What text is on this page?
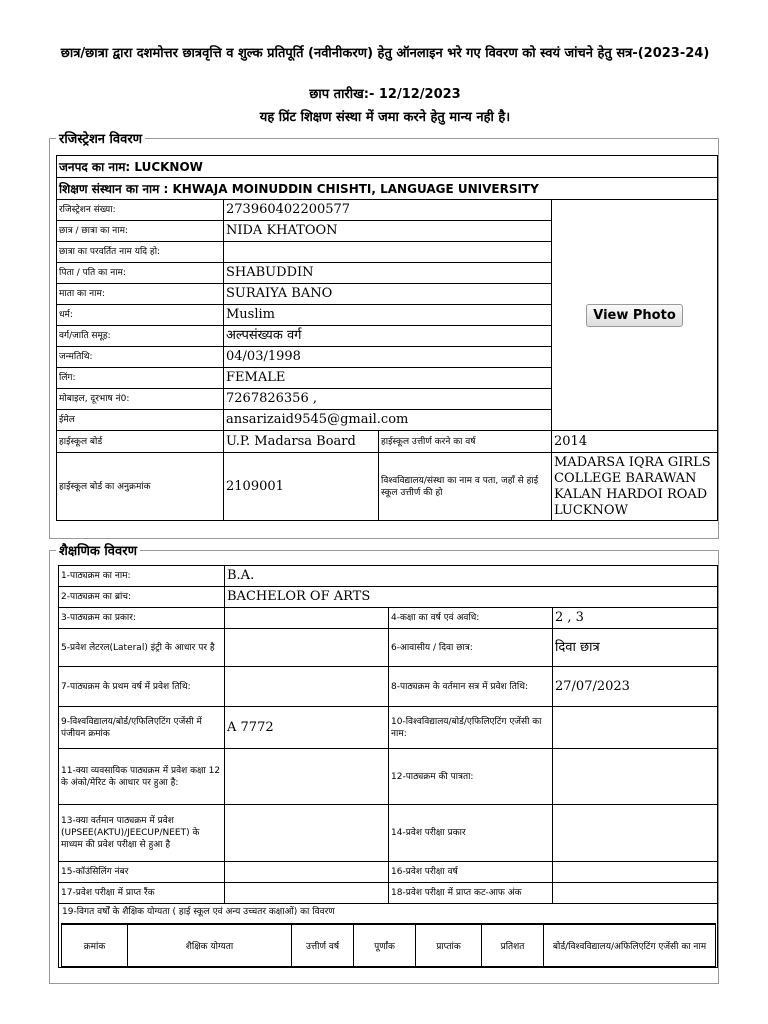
छात्र/छात्रा द्वारा दशमोत्तर छात्रवृत्ति व शुल्क प्रतिपूर्ति (नवीनीकरण) हेतु ऑनलाइन भरे गए विवरण को स्वयं जांचने हेतु सत्र-(2023-24)
छाप तारीख:- 12/12/2023
यह प्रिंट शिक्षण संस्था में जमा करने हेतु मान्य नही है।
रजिस्ट्रेशन विवरण
जनपद का नाम: LUCKNOW			
शिक्षण संस्थान का नाम : KHWAJA MOINUDDIN CHISHTI, LANGUAGE UNIVERSITY			
रजिस्ट्रेशन संख्या:	273960402200577		View Photo
छात्र / छात्रा का नाम:	NIDA KHATOON		
छात्रा का परवर्तित नाम यदि हो:			
पिता / पति का नाम:	SHABUDDIN		
माता का नाम:	SURAIYA BANO		
धर्म:	Muslim		
वर्ग/जाति समूह:	अल्पसंख्यक वर्ग		
जन्मतिथि:	04/03/1998		
लिंग:	FEMALE		
मोबाइल, दूरभाष नं0:	7267826356 ,		
ईमेल	ansarizaid9545@gmail.com		
हाईस्कूल बोर्ड	U.P. Madarsa Board	हाईस्कूल उत्तीर्ण करने का वर्ष	2014
हाईस्कूल बोर्ड का अनुक्रमांक	2109001	विश्वविद्यालय/संस्था का नाम व पता, जहाँ से हाई स्कूल उत्तीर्ण की हो	MADARSA IQRA GIRLS COLLEGE BARAWAN KALAN HARDOI ROAD LUCKNOW
शैक्षणिक विवरण
1-पाठ्यक्रम का नाम:	B.A.
2-पाठ्यक्रम का ब्रांच:	BACHELOR OF ARTS
3-पाठ्यक्रम का प्रकार:		4-कक्षा का वर्ष एवं अवधि:	2 , 3
5-प्रवेश लेटरल(Lateral) इंट्री के आधार पर है		6-आवासीय / दिवा छात्र:	दिवा छात्र
7-पाठ्यक्रम के प्रथम वर्ष में प्रवेश तिथि:		8-पाठ्यक्रम के वर्तमान सत्र में प्रवेश तिथि:	27/07/2023
9-विश्वविद्यालय/बोर्ड/एफिलिएटिंग एजेंसी में पंजीयन क्रमांक	A 7772	10-विश्वविद्यालय/बोर्ड/एफिलिएटिंग एजेंसी का नाम:	
11-क्या व्यवसायिक पाठ्यक्रम में प्रवेश कक्षा 12 के अंको/मेरिट के आधार पर हुआ है:		12-पाठ्यक्रम की पात्रता:	
13-क्या वर्तमान पाठ्यक्रम में प्रवेश (UPSEE(AKTU)/JEECUP/NEET) के माध्यम की प्रवेश परीक्षा से हुआ है		14-प्रवेश परीक्षा प्रकार	
15-कॉउंसिलिंग नंबर		16-प्रवेश परीक्षा वर्ष	
17-प्रवेश परीक्षा में प्राप्त रैंक		18-प्रवेश परीक्षा में प्राप्त कट-आफ अंक	

19-विगत वर्षों के शैक्षिक योग्यता ( हाई स्कूल एवं अन्य उच्चतर कक्षाओं) का विवरण
क्रमांक	शैक्षिक योग्यता	उत्तीर्ण वर्ष	पूर्णांक	प्राप्तांक	प्रतिशत	बोर्ड/विश्वविद्यालय/अफिलिएटिंग एजेंसी का नाम
